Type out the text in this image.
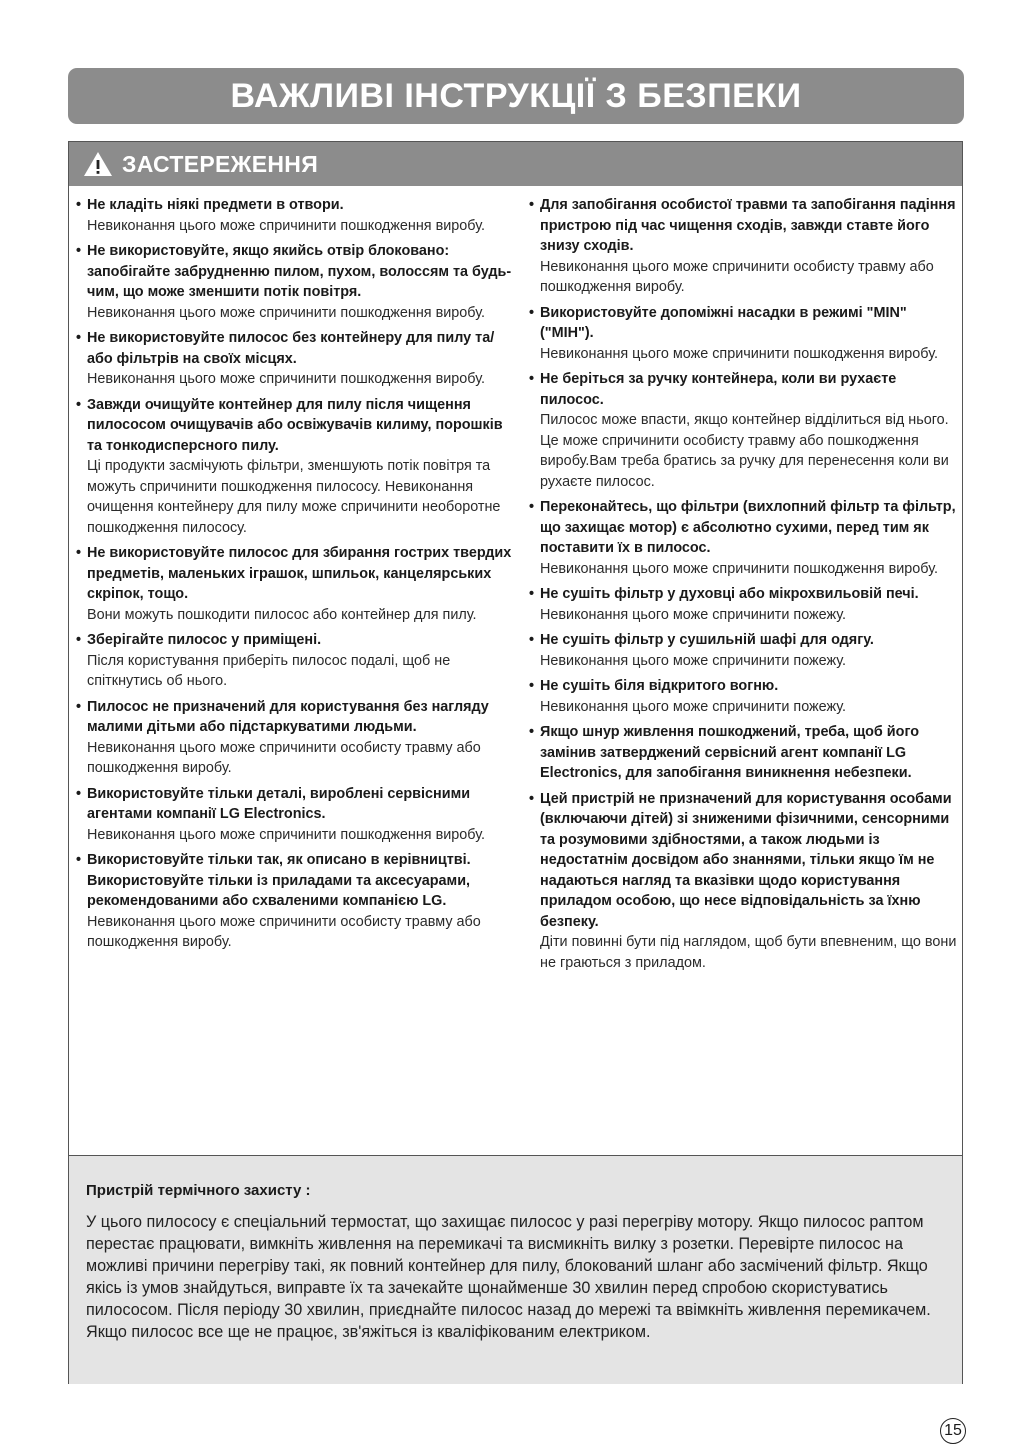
ВАЖЛИВІ ІНСТРУКЦІЇ З БЕЗПЕКИ
ЗАСТЕРЕЖЕННЯ
• Не кладіть ніякі предмети в отвори.
Невиконання цього може спричинити пошкодження виробу.
• Не використовуйте, якщо якийсь отвір блоковано: запобігайте забрудненню пилом, пухом, волоссям та будь-чим, що може зменшити потік повітря.
Невиконання цього може спричинити пошкодження виробу.
• Не використовуйте пилосос без контейнеру для пилу та/або фільтрів на своїх місцях.
Невиконання цього може спричинити пошкодження виробу.
• Завжди очищуйте контейнер для пилу після чищення пилососом очищувачів або освіжувачів килиму, порошків та тонкодисперсного пилу.
Ці продукти засмічують фільтри, зменшують потік повітря та можуть спричинити пошкодження пилососу. Невиконання очищення контейнеру для пилу може спричинити необоротне пошкодження пилососу.
• Не використовуйте пилосос для збирання гострих твердих предметів, маленьких іграшок, шпильок, канцелярських скріпок, тощо.
Вони можуть пошкодити пилосос або контейнер для пилу.
• Зберігайте пилосос у приміщені.
Після користування приберіть пилосос подалі, щоб не спіткнутись об нього.
• Пилосос не призначений для користування без нагляду малими дітьми або підстаркуватими людьми.
Невиконання цього може спричинити особисту травму або пошкодження виробу.
• Використовуйте тільки деталі, вироблені сервісними агентами компанії LG Electronics.
Невиконання цього може спричинити пошкодження виробу.
• Використовуйте тільки так, як описано в керівництві. Використовуйте тільки із приладами та аксесуарами, рекомендованими або схваленими компанією LG.
Невиконання цього може спричинити особисту травму або пошкодження виробу.
• Для запобігання особистої травми та запобігання падіння пристрою під час чищення сходів, завжди ставте його знизу сходів.
Невиконання цього може спричинити особисту травму або пошкодження виробу.
• Використовуйте допоміжні насадки в режимі "MIN" ("МІН").
Невиконання цього може спричинити пошкодження виробу.
• Не беріться за ручку контейнера, коли ви рухаєте пилосос.
Пилосос може впасти, якщо контейнер відділиться від нього. Це може спричинити особисту травму або пошкодження виробу.Вам треба братись за ручку для перенесення коли ви рухаєте пилосос.
• Переконайтесь, що фільтри (вихлопний фільтр та фільтр, що захищає мотор) є абсолютно сухими, перед тим як поставити їх в пилосос.
Невиконання цього може спричинити пошкодження виробу.
• Не сушіть фільтр у духовці або мікрохвильовій печі.
Невиконання цього може спричинити пожежу.
• Не сушіть фільтр у сушильній шафі для одягу.
Невиконання цього може спричинити пожежу.
• Не сушіть біля відкритого вогню.
Невиконання цього може спричинити пожежу.
• Якщо шнур живлення пошкоджений, треба, щоб його замінив затверджений сервісний агент компанії LG Electronics, для запобігання виникнення небезпеки.
• Цей пристрій не призначений для користування особами (включаючи дітей) зі зниженими фізичними, сенсорними та розумовими здібностями, а також людьми із недостатнім досвідом або знаннями, тільки якщо їм не надаються нагляд та вказівки щодо користування приладом особою, що несе відповідальність за їхню безпеку.
Діти повинні бути під наглядом, щоб бути впевненим, що вони не граються з приладом.
Пристрій термічного захисту :
У цього пилососу є спеціальний термостат, що захищає пилосос у разі перегріву мотору. Якщо пилосос раптом перестає працювати, вимкніть живлення на перемикачі та висмикніть вилку з розетки. Перевірте пилосос на можливі причини перегріву такі, як повний контейнер для пилу, блокований шланг або засмічений фільтр. Якщо якісь із умов знайдуться, виправте їх та зачекайте щонайменше 30 хвилин перед спробою скористуватись пилососом. Після періоду 30 хвилин, приєднайте пилосос назад до мережі та ввімкніть живлення перемикачем. Якщо пилосос все ще не працює, зв'яжіться із кваліфікованим електриком.
15
